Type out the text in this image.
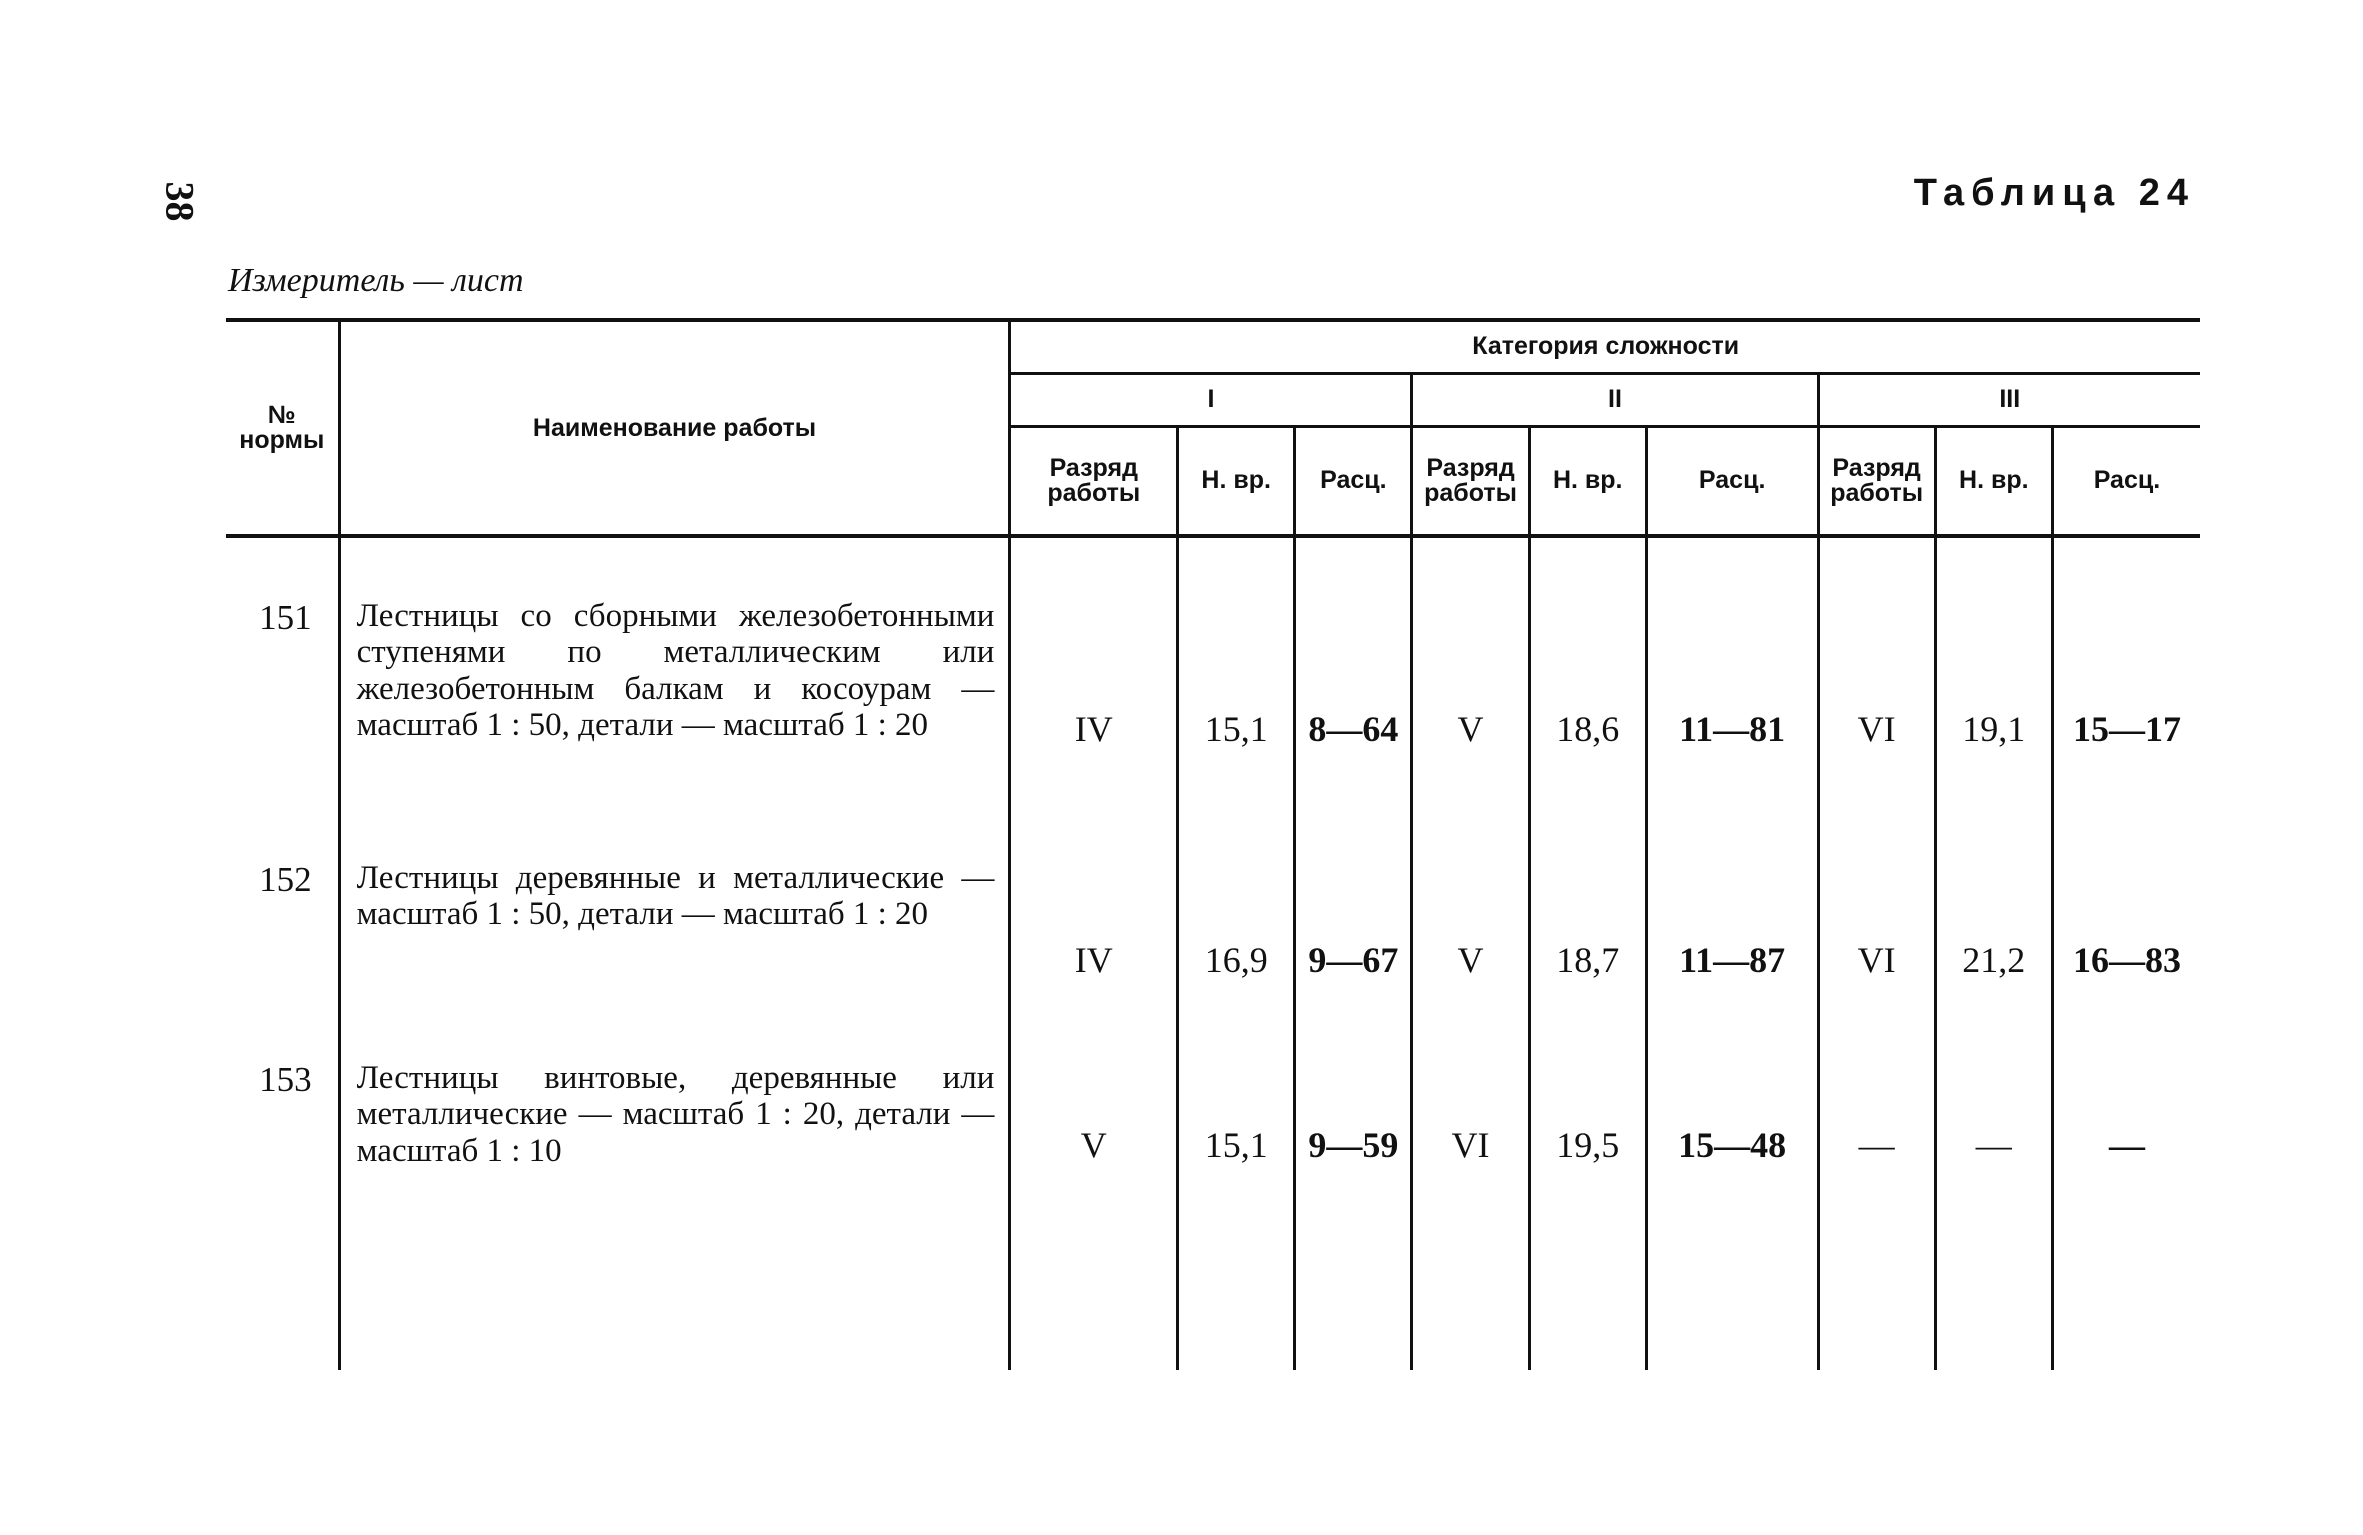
38	Таблица 24
Измеритель — лист
№ нормы	Наименование работы	Категория сложности								
		I			II			III		
		Разряд работы	Н. вр.	Расц.	Разряд работы	Н. вр.	Расц.	Разряд работы	Н. вр.	Расц.

151	Лестницы со сборными железобетонными ступенями по металлическим или железобетонным балкам и косоурам — масштаб 1 : 50, детали — масштаб 1 : 20	IV	15,1	8—64	V	18,6	11—81	VI	19,1	15—17
152	Лестницы деревянные и металлические — масштаб 1 : 50, детали — масштаб 1 : 20	IV	16,9	9—67	V	18,7	11—87	VI	21,2	16—83
153	Лестницы винтовые, деревянные или металлические — масштаб 1 : 20, детали — масштаб 1 : 10	V	15,1	9—59	VI	19,5	15—48	—	—	—
